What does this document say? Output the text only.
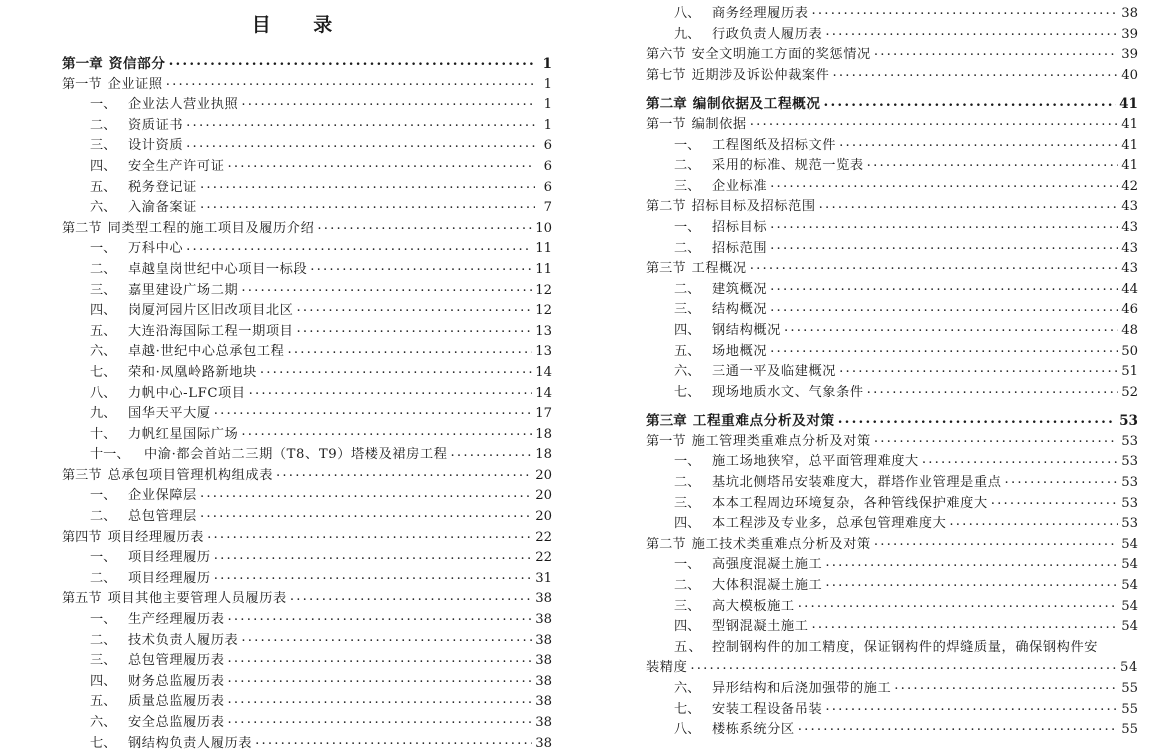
目 录
第一章 资信部分 .....	1
第一节 企业证照 .....	1
一、 企业法人营业执照 .....	1
二、 资质证书 .....	1
三、 设计资质 .....	6
四、 安全生产许可证 .....	6
五、 税务登记证 .....	6
六、 入渝备案证 .....	7
第二节 同类型工程的施工项目及履历介绍 .....	10
一、 万科中心 .....	11
二、 卓越皇岗世纪中心项目一标段 .....	11
三、 嘉里建设广场二期 .....	12
四、 岗厦河园片区旧改项目北区 .....	12
五、 大连沿海国际工程一期项目 .....	13
六、 卓越·世纪中心总承包工程 .....	13
七、 荣和·凤凰岭路新地块 .....	14
八、 力帆中心-LFC项目 .....	14
九、 国华天平大厦 .....	17
十、 力帆红星国际广场 .....	18
十一、	中渝·都会首站二三期（T8、T9）塔楼及裙房工程 .....	18
第三节 总承包项目管理机构组成表 .....	20
一、 企业保障层 .....	20
二、 总包管理层 .....	20
第四节 项目经理履历表 .....	22
一、 项目经理履历 .....	22
二、 项目经理履历 .....	31
第五节 项目其他主要管理人员履历表 .....	38
一、 生产经理履历表 .....	38
二、 技术负责人履历表 .....	38
三、 总包管理履历表 .....	38
四、 财务总监履历表 .....	38
五、 质量总监履历表 .....	38
六、 安全总监履历表 .....	38
七、 钢结构负责人履历表 .....	38
八、 商务经理履历表 .....	38
九、 行政负责人履历表 .....	39
第六节 安全文明施工方面的奖惩情况 .....	39
第七节 近期涉及诉讼仲裁案件 .....	40
第二章 编制依据及工程概况 .....	41
第一节 编制依据 .....	41
一、 工程图纸及招标文件 .....	41
二、 采用的标准、规范一览表 .....	41
三、 企业标准 .....	42
第二节 招标目标及招标范围 .....	43
一、 招标目标 .....	43
二、 招标范围 .....	43
第三节 工程概况 .....	43
二、 建筑概况 .....	44
三、 结构概况 .....	46
四、 钢结构概况 .....	48
五、 场地概况 .....	50
六、 三通一平及临建概况 .....	51
七、 现场地质水文、气象条件 .....	52
第三章 工程重难点分析及对策 .....	53
第一节 施工管理类重难点分析及对策 .....	53
一、 施工场地狭窄，总平面管理难度大 .....	53
二、 基坑北侧塔吊安装难度大，群塔作业管理是重点 .....	53
三、 本本工程周边环境复杂，各种管线保护难度大 .....	53
四、 本工程涉及专业多，总承包管理难度大 .....	53
第二节 施工技术类重难点分析及对策 .....	54
一、 高强度混凝土施工 .....	54
二、 大体积混凝土施工 .....	54
三、 高大模板施工 .....	54
四、 型钢混凝土施工 .....	54
五、 控制钢构件的加工精度，保证钢构件的焊缝质量，确保钢构件安
装精度 .....	54
六、 异形结构和后浇加强带的施工 .....	55
七、 安装工程设备吊装 .....	55
八、 楼栋系统分区 .....	55
